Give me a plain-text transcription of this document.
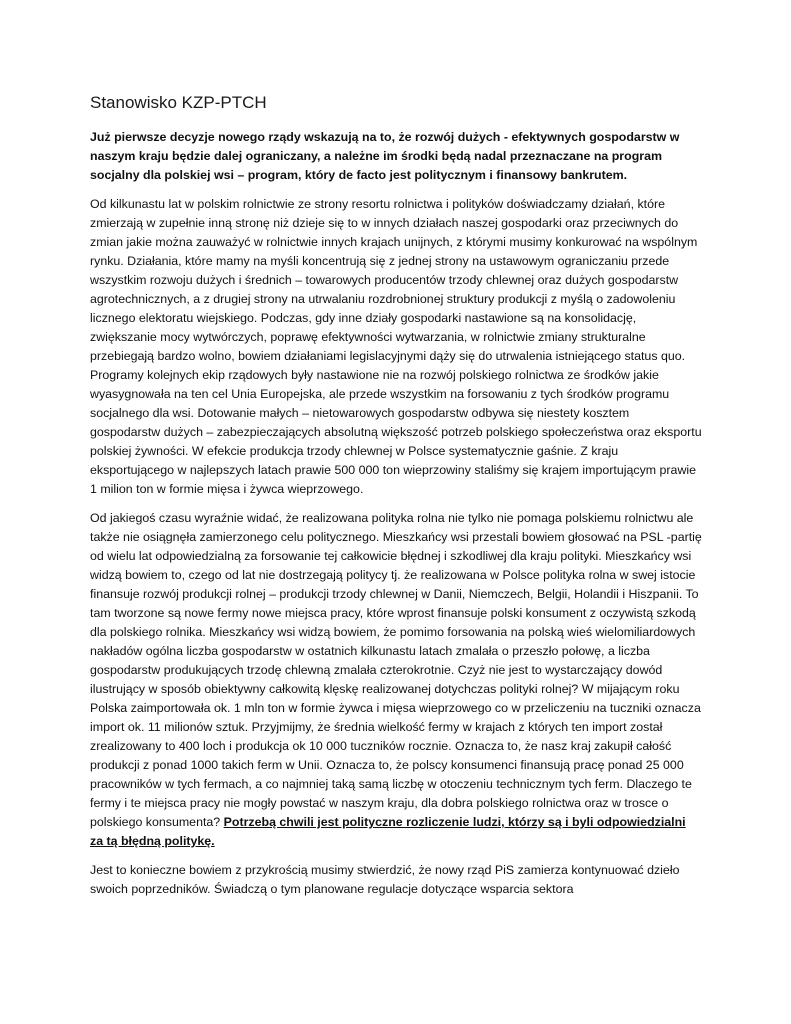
Stanowisko KZP-PTCH

Już pierwsze decyzje nowego rządy wskazują na to, że rozwój dużych - efektywnych gospodarstw w naszym kraju będzie dalej ograniczany, a należne im środki będą nadal przeznaczane na program socjalny dla polskiej wsi – program, który de facto jest politycznym i finansowy bankrutem.

Od kilkunastu lat w polskim rolnictwie ze strony resortu rolnictwa i polityków doświadczamy działań, które zmierzają w zupełnie inną stronę niż dzieje się to w innych działach naszej gospodarki oraz przeciwnych do zmian jakie można zauważyć w rolnictwie innych krajach unijnych, z którymi musimy konkurować na wspólnym rynku. Działania, które mamy na myśli koncentrują się z jednej strony na ustawowym ograniczaniu przede wszystkim rozwoju dużych i średnich – towarowych producentów trzody chlewnej oraz dużych gospodarstw agrotechnicznych, a z drugiej strony na utrwalaniu rozdrobnionej struktury produkcji z myślą o zadowoleniu licznego elektoratu wiejskiego. Podczas, gdy inne działy gospodarki nastawione są na konsolidację, zwiększanie mocy wytwórczych, poprawę efektywności wytwarzania, w rolnictwie zmiany strukturalne przebiegają bardzo wolno, bowiem działaniami legislacyjnymi dąży się do utrwalenia istniejącego status quo. Programy kolejnych ekip rządowych były nastawione nie na rozwój polskiego rolnictwa ze środków jakie wyasygnowała na ten cel Unia Europejska, ale przede wszystkim na forsowaniu z tych środków programu socjalnego dla wsi. Dotowanie małych – nietowarowych gospodarstw odbywa się niestety kosztem gospodarstw dużych – zabezpieczających absolutną większość potrzeb polskiego społeczeństwa oraz eksportu polskiej żywności. W efekcie produkcja trzody chlewnej w Polsce systematycznie gaśnie. Z kraju eksportującego w najlepszych latach prawie 500 000 ton wieprzowiny staliśmy się krajem importującym prawie 1 milion ton w formie mięsa i żywca wieprzowego.

Od jakiegoś czasu wyraźnie widać, że realizowana polityka rolna nie tylko nie pomaga polskiemu rolnictwu ale także nie osiągnęła zamierzonego celu politycznego. Mieszkańcy wsi przestali bowiem głosować na PSL -partię od wielu lat odpowiedzialną za forsowanie tej całkowicie błędnej i szkodliwej dla kraju polityki. Mieszkańcy wsi widzą bowiem to, czego od lat nie dostrzegają politycy tj. że realizowana w Polsce polityka rolna w swej istocie finansuje rozwój produkcji rolnej – produkcji trzody chlewnej w Danii, Niemczech, Belgii, Holandii i Hiszpanii. To tam tworzone są nowe fermy nowe miejsca pracy, które wprost finansuje polski konsument z oczywistą szkodą dla polskiego rolnika. Mieszkańcy wsi widzą bowiem, że pomimo forsowania na polską wieś wielomiliardowych nakładów ogólna liczba gospodarstw w ostatnich kilkunastu latach zmalała o przeszło połowę, a liczba gospodarstw produkujących trzodę chlewną zmalała czterokrotnie. Czyż nie jest to wystarczający dowód ilustrujący w sposób obiektywny całkowitą klęskę realizowanej dotychczas polityki rolnej? W mijającym roku Polska zaimportowała ok. 1 mln ton w formie żywca i mięsa wieprzowego co w przeliczeniu na tuczniki oznacza import ok. 11 milionów sztuk. Przyjmijmy, że średnia wielkość fermy w krajach z których ten import został zrealizowany to 400 loch i produkcja ok 10 000 tuczników rocznie. Oznacza to, że nasz kraj zakupił całość produkcji z ponad 1000 takich ferm w Unii. Oznacza to, że polscy konsumenci finansują pracę ponad 25 000 pracowników w tych fermach, a co najmniej taką samą liczbę w otoczeniu technicznym tych ferm. Dlaczego te fermy i te miejsca pracy nie mogły powstać w naszym kraju, dla dobra polskiego rolnictwa oraz w trosce o polskiego konsumenta? Potrzebą chwili jest polityczne rozliczenie ludzi, którzy są i byli odpowiedzialni za tą błędną politykę.

Jest to konieczne bowiem z przykrością musimy stwierdzić, że nowy rząd PiS zamierza kontynuować dzieło swoich poprzedników. Świadczą o tym planowane regulacje dotyczące wsparcia sektora
